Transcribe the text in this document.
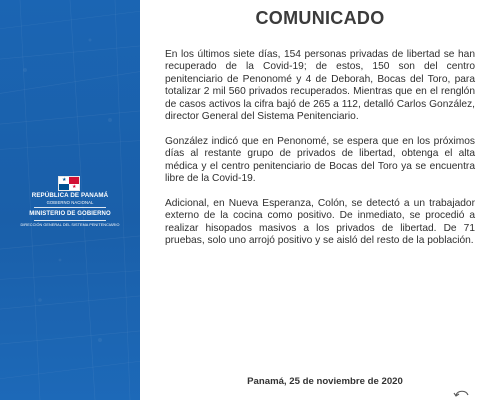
★
★
REPÚBLICA DE PANAMÁ
GOBIERNO NACIONAL
MINISTERIO DE GOBIERNO
DIRECCIÓN GENERAL DEL SISTEMA PENITENCIARIO
COMUNICADO

En los últimos siete días, 154 personas privadas de libertad se han recuperado de la Covid-19; de estos, 150 son del centro penitenciario de Penonomé y 4 de Deborah, Bocas del Toro, para totalizar 2 mil 560 privados recuperados. Mientras que en el renglón de casos activos la cifra bajó de 265 a 112, detalló Carlos González, director General del Sistema Penitenciario.

González indicó que en Penonomé, se espera que en los próximos días al restante grupo de privados de libertad, obtenga el alta médica y el centro penitenciario de Bocas del Toro ya se encuentra libre de la Covid-19.

Adicional, en Nueva Esperanza, Colón, se detectó a un trabajador externo de la cocina como positivo. De inmediato, se procedió a realizar hisopados masivos a los privados de libertad. De 71 pruebas, solo uno arrojó positivo y se aisló del resto de la población.

Panamá, 25 de noviembre de 2020
